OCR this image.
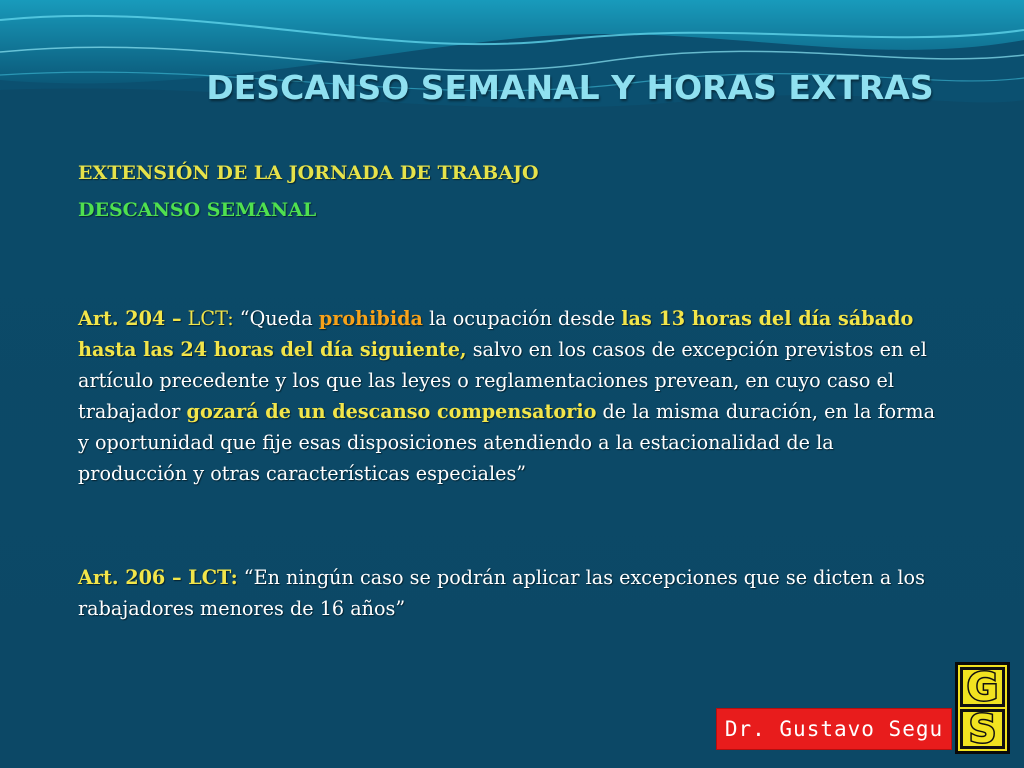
DESCANSO SEMANAL Y HORAS EXTRAS
EXTENSIÓN DE LA JORNADA DE TRABAJO
DESCANSO SEMANAL
Art. 204 – LCT: “Queda prohibida la ocupación desde las 13 horas del día sábado hasta las 24 horas del día siguiente, salvo en los casos de excepción previstos en el artículo precedente y los que las leyes o reglamentaciones prevean, en cuyo caso el trabajador gozará de un descanso compensatorio de la misma duración, en la forma y oportunidad que fije esas disposiciones atendiendo a la estacionalidad de la producción y otras características especiales”
Art. 206 – LCT: “En ningún caso se podrán aplicar las excepciones que se dicten a los rabajadores menores de 16 años”
Dr. Gustavo Segu
G
S
